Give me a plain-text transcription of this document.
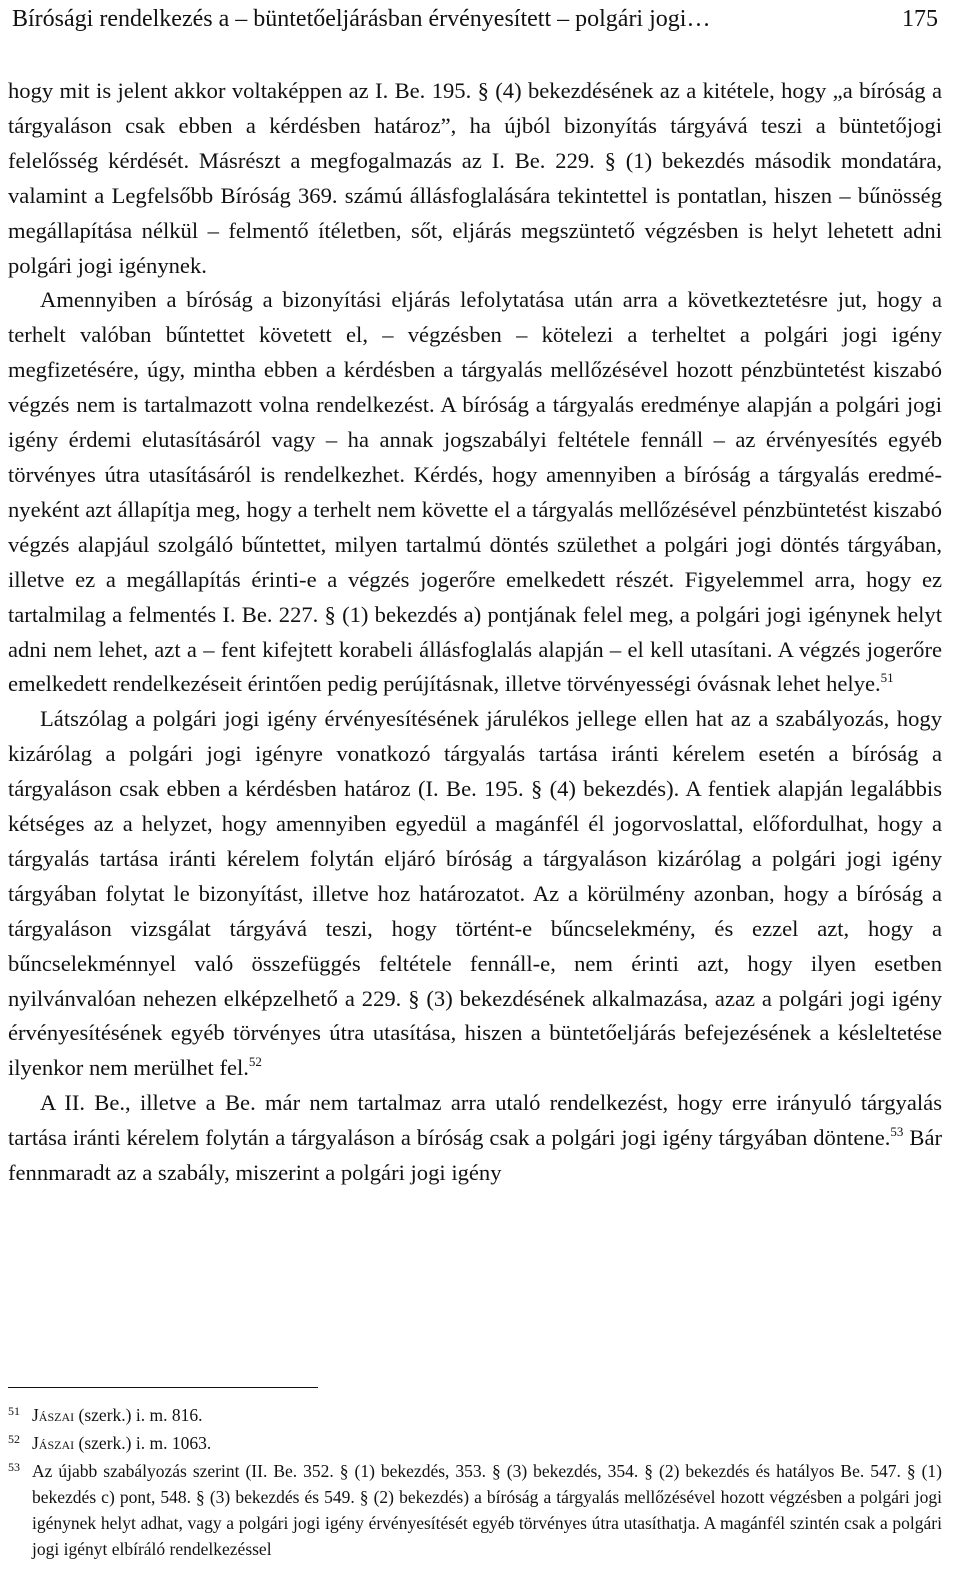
Bírósági rendelkezés a – büntetőeljárásban érvényesített – polgári jogi…	175

hogy mit is jelent akkor voltaképpen az I. Be. 195. § (4) bekezdésének az a kitétele, hogy „a bíróság a tárgyaláson csak ebben a kérdésben határoz”, ha újból bizonyítás tárgyává teszi a büntetőjogi felelősség kérdését. Másrészt a megfogalmazás az I. Be. 229. § (1) bekezdés második mondatára, valamint a Legfelsőbb Bíróság 369. számú állásfoglalására tekintettel is pontatlan, hiszen – bűnösség megállapítása nélkül – felmentő ítéletben, sőt, eljárás megszüntető végzésben is helyt lehetett adni polgári jogi igénynek.

Amennyiben a bíróság a bizonyítási eljárás lefolytatása után arra a következtetésre jut, hogy a terhelt valóban bűntettet követett el, – végzésben – kötelezi a terheltet a polgári jogi igény megfizetésére, úgy, mintha ebben a kérdésben a tárgyalás mellőzésével hozott pénzbüntetést kiszabó végzés nem is tartalmazott volna rendelkezést. A bíróság a tárgyalás eredménye alapján a polgári jogi igény érdemi elutasításáról vagy – ha annak jogszabályi feltétele fennáll – az érvényesítés egyéb törvényes útra utasításáról is rendelkezhet. Kérdés, hogy amennyiben a bíróság a tárgyalás eredményeként azt állapítja meg, hogy a terhelt nem követte el a tárgyalás mellőzésével pénzbüntetést kiszabó végzés alapjául szolgáló bűntettet, milyen tartalmú döntés születhet a polgári jogi döntés tárgyában, illetve ez a megállapítás érinti-e a végzés jogerőre emelkedett részét. Figyelemmel arra, hogy ez tartalmilag a felmentés I. Be. 227. § (1) bekezdés a) pontjának felel meg, a polgári jogi igénynek helyt adni nem lehet, azt a – fent kifejtett korabeli állásfoglalás alapján – el kell utasítani. A végzés jogerőre emelkedett rendelkezéseit érintően pedig perújításnak, illetve törvényességi óvásnak lehet helye.$^{51}$

Látszólag a polgári jogi igény érvényesítésének járulékos jellege ellen hat az a szabályozás, hogy kizárólag a polgári jogi igényre vonatkozó tárgyalás tartása iránti kérelem esetén a bíróság a tárgyaláson csak ebben a kérdésben határoz (I. Be. 195. § (4) bekezdés). A fentiek alapján legalábbis kétséges az a helyzet, hogy amennyiben egyedül a magánfél él jogorvoslattal, előfordulhat, hogy a tárgyalás tartása iránti kérelem folytán eljáró bíróság a tárgyaláson kizárólag a polgári jogi igény tárgyában folytat le bizonyítást, illetve hoz határozatot. Az a körülmény azonban, hogy a bíróság a tárgyaláson vizsgálat tárgyává teszi, hogy történt-e bűncselekmény, és ezzel azt, hogy a bűncselekménnyel való összefüggés feltétele fennáll-e, nem érinti azt, hogy ilyen esetben nyilvánvalóan nehezen elképzelhető a 229. § (3) bekezdésének alkalmazása, azaz a polgári jogi igény érvényesítésének egyéb törvényes útra utasítása, hiszen a büntetőeljárás befejezésének a késleltetése ilyenkor nem merülhet fel.$^{52}$

A II. Be., illetve a Be. már nem tartalmaz arra utaló rendelkezést, hogy erre irányuló tárgyalás tartása iránti kérelem folytán a tárgyaláson a bíróság csak a polgári jogi igény tárgyában döntene.$^{53}$ Bár fennmaradt az a szabály, miszerint a polgári jogi igény

51 Jászai (szerk.) i. m. 816.
52 Jászai (szerk.) i. m. 1063.
53 Az újabb szabályozás szerint (II. Be. 352. § (1) bekezdés, 353. § (3) bekezdés, 354. § (2) bekezdés és hatályos Be. 547. § (1) bekezdés c) pont, 548. § (3) bekezdés és 549. § (2) bekezdés) a bíróság a tárgyalás mellőzésével hozott végzésben a polgári jogi igénynek helyt adhat, vagy a polgári jogi igény érvényesítését egyéb törvényes útra utasíthatja. A magánfél szintén csak a polgári jogi igényt elbíráló rendelkezéssel
